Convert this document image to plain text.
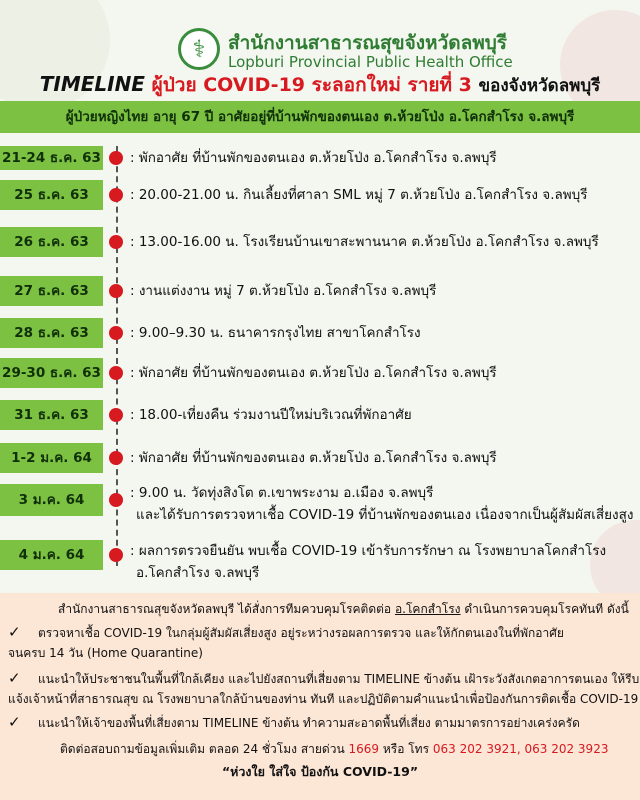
⚕
สำนักงานสาธารณสุขจังหวัดลพบุรี
Lopburi Provincial Public Health Office
TIMELINE ผู้ป่วย COVID-19 ระลอกใหม่ รายที่ 3 ของจังหวัดลพบุรี
ผู้ป่วยหญิงไทย อายุ 67 ปี อาศัยอยู่ที่บ้านพักของตนเอง ต.ห้วยโป่ง อ.โคกสำโรง จ.ลพบุรี
21-24 ธ.ค. 63 : พักอาศัย ที่บ้านพักของตนเอง ต.ห้วยโป่ง อ.โคกสำโรง จ.ลพบุรี
25 ธ.ค. 63	: 20.00-21.00 น. กินเลี้ยงที่ศาลา SML หมู่ 7 ต.ห้วยโป่ง อ.โคกสำโรง จ.ลพบุรี
26 ธ.ค. 63	: 13.00-16.00 น. โรงเรียนบ้านเขาสะพานนาค ต.ห้วยโป่ง อ.โคกสำโรง จ.ลพบุรี
27 ธ.ค. 63	: งานแต่งงาน หมู่ 7 ต.ห้วยโป่ง อ.โคกสำโรง จ.ลพบุรี
28 ธ.ค. 63	: 9.00–9.30 น. ธนาคารกรุงไทย สาขาโคกสำโรง
29-30 ธ.ค. 63 : พักอาศัย ที่บ้านพักของตนเอง ต.ห้วยโป่ง อ.โคกสำโรง จ.ลพบุรี
31 ธ.ค. 63	: 18.00-เที่ยงคืน ร่วมงานปีใหม่บริเวณที่พักอาศัย
1-2 ม.ค. 64	: พักอาศัย ที่บ้านพักของตนเอง ต.ห้วยโป่ง อ.โคกสำโรง จ.ลพบุรี
3 ม.ค. 64	: 9.00 น. วัดทุ่งสิงโต ต.เขาพระงาม อ.เมือง จ.ลพบุรี
และได้รับการตรวจหาเชื้อ COVID-19 ที่บ้านพักของตนเอง เนื่องจากเป็นผู้สัมผัสเสี่ยงสูง
4 ม.ค. 64	: ผลการตรวจยืนยัน พบเชื้อ COVID-19 เข้ารับการรักษา ณ โรงพยาบาลโคกสำโรง
อ.โคกสำโรง จ.ลพบุรี
สำนักงานสาธารณสุขจังหวัดลพบุรี ได้สั่งการทีมควบคุมโรคติดต่อ อ.โคกสำโรง ดำเนินการควบคุมโรคทันที ดังนี้
✓ ตรวจหาเชื้อ COVID-19 ในกลุ่มผู้สัมผัสเสี่ยงสูง อยู่ระหว่างรอผลการตรวจ และให้กักตนเองในที่พักอาศัย
จนครบ 14 วัน (Home Quarantine)
✓ แนะนำให้ประชาชนในพื้นที่ใกล้เคียง และไปยังสถานที่เสี่ยงตาม TIMELINE ข้างต้น เฝ้าระวังสังเกตอาการตนเอง ให้รีบ
แจ้งเจ้าหน้าที่สาธารณสุข ณ โรงพยาบาลใกล้บ้านของท่าน ทันที และปฏิบัติตามคำแนะนำเพื่อป้องกันการติดเชื้อ COVID-19
✓ แนะนำให้เจ้าของพื้นที่เสี่ยงตาม TIMELINE ข้างต้น ทำความสะอาดพื้นที่เสี่ยง ตามมาตรการอย่างเคร่งครัด
ติดต่อสอบถามข้อมูลเพิ่มเติม ตลอด 24 ชั่วโมง สายด่วน 1669 หรือ โทร 063 202 3921, 063 202 3923
“ห่วงใย ใส่ใจ ป้องกัน COVID-19”
